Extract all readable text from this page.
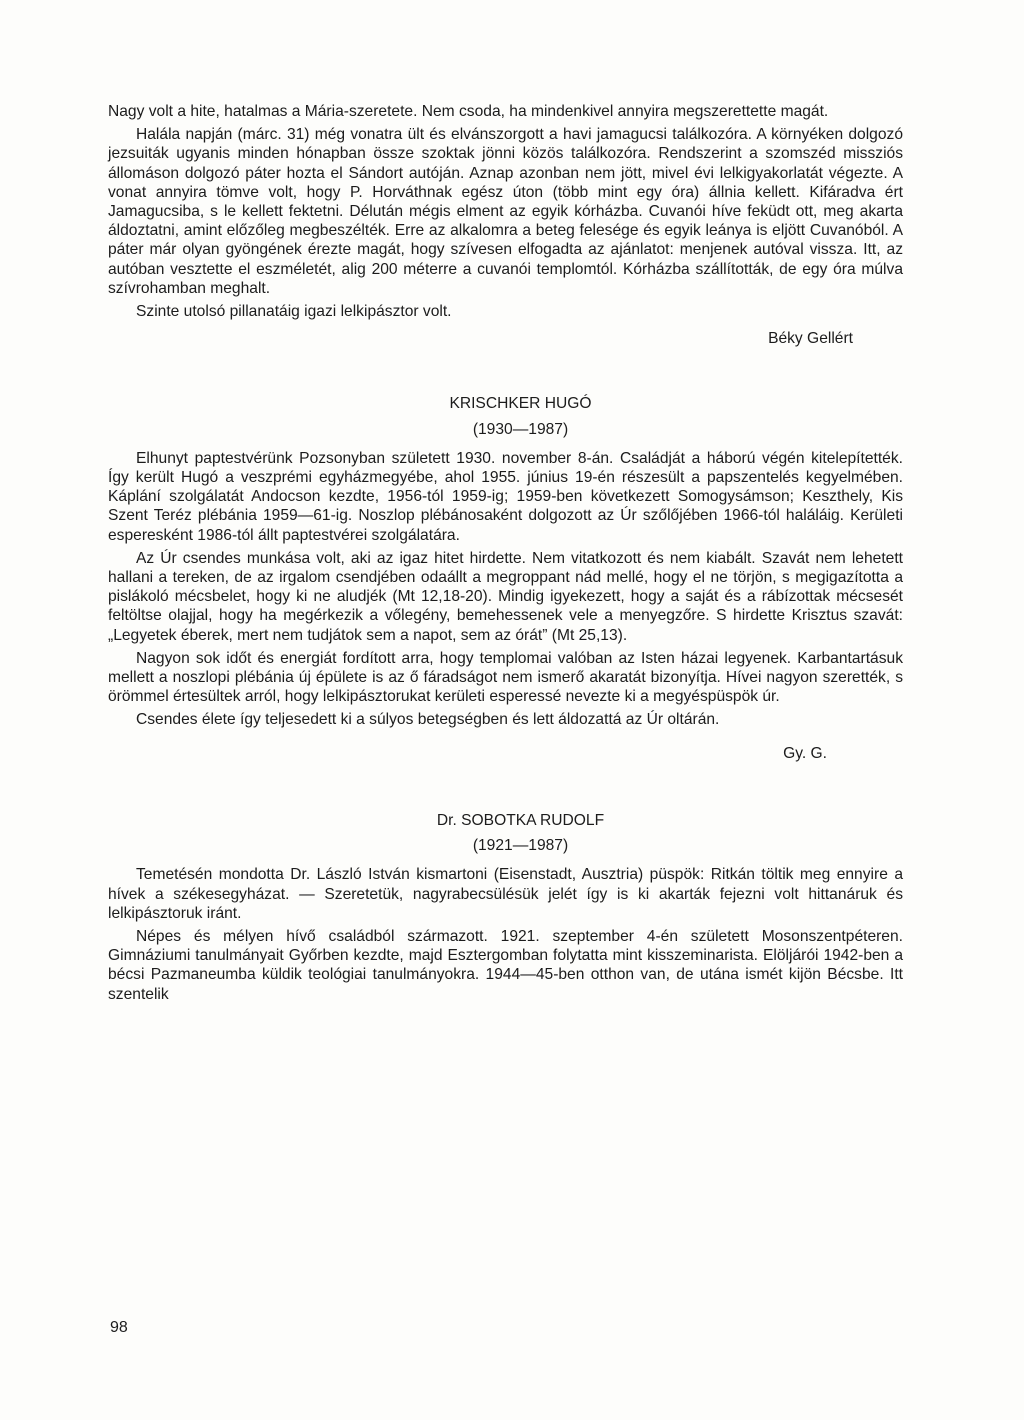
Nagy volt a hite, hatalmas a Mária-szeretete. Nem csoda, ha mindenkivel annyira megszerettette magát.

Halála napján (márc. 31) még vonatra ült és elvánszorgott a havi jamagucsi találkozóra. A környéken dolgozó jezsuiták ugyanis minden hónapban össze szoktak jönni közös találkozóra. Rendszerint a szomszéd missziós állomáson dolgozó páter hozta el Sándort autóján. Aznap azonban nem jött, mivel évi lelkigyakorlatát végezte. A vonat annyira tömve volt, hogy P. Horváthnak egész úton (több mint egy óra) állnia kellett. Kifáradva ért Jamagucsiba, s le kellett fektetni. Délután mégis elment az egyik kórházba. Cuvanói híve feküdt ott, meg akarta áldoztatni, amint előzőleg megbeszélték. Erre az alkalomra a beteg felesége és egyik leánya is eljött Cuvanóból. A páter már olyan gyöngének érezte magát, hogy szívesen elfogadta az ajánlatot: menjenek autóval vissza. Itt, az autóban vesztette el eszméletét, alig 200 méterre a cuvanói templomtól. Kórházba szállították, de egy óra múlva szívrohamban meghalt.

Szinte utolsó pillanatáig igazi lelkipásztor volt.

Béky Gellért
KRISCHKER HUGÓ
(1930—1987)

Elhunyt paptestvérünk Pozsonyban született 1930. november 8-án. Családját a háború végén kitelepítették. Így került Hugó a veszprémi egyházmegyébe, ahol 1955. június 19-én részesült a papszentelés kegyelmében. Káplání szolgálatát Andocson kezdte, 1956-tól 1959-ig; 1959-ben következett Somogysámson; Keszthely, Kis Szent Teréz plébánia 1959—61-ig. Noszlop plébánosaként dolgozott az Úr szőlőjében 1966-tól haláláig. Kerületi esperesként 1986-tól állt paptestvérei szolgálatára.

Az Úr csendes munkása volt, aki az igaz hitet hirdette. Nem vitatkozott és nem kiabált. Szavát nem lehetett hallani a tereken, de az irgalom csendjében odaállt a megroppant nád mellé, hogy el ne törjön, s megigazította a pislákoló mécsbelet, hogy ki ne aludjék (Mt 12,18-20). Mindig igyekezett, hogy a saját és a rábízottak mécsesét feltöltse olajjal, hogy ha megérkezik a vőlegény, bemehessenek vele a menyegzőre. S hirdette Krisztus szavát: „Legyetek éberek, mert nem tudjátok sem a napot, sem az órát” (Mt 25,13).

Nagyon sok időt és energiát fordított arra, hogy templomai valóban az Isten házai legyenek. Karbantartásuk mellett a noszlopi plébánia új épülete is az ő fáradságot nem ismerő akaratát bizonyítja. Hívei nagyon szerették, s örömmel értesültek arról, hogy lelkipásztorukat kerületi esperessé nevezte ki a megyéspüspök úr.

Csendes élete így teljesedett ki a súlyos betegségben és lett áldozattá az Úr oltárán.

Gy. G.
Dr. SOBOTKA RUDOLF
(1921—1987)

Temetésén mondotta Dr. László István kismartoni (Eisenstadt, Ausztria) püspök: Ritkán töltik meg ennyire a hívek a székesegyházat. — Szeretetük, nagyrabecsülésük jelét így is ki akarták fejezni volt hittanáruk és lelkipásztoruk iránt.

Népes és mélyen hívő családból származott. 1921. szeptember 4-én született Mosonszentpéteren. Gimnáziumi tanulmányait Győrben kezdte, majd Esztergomban folytatta mint kisszeminarista. Elöljárói 1942-ben a bécsi Pazmaneumba küldik teológiai tanulmányokra. 1944—45-ben otthon van, de utána ismét kijön Bécsbe. Itt szentelik

98
